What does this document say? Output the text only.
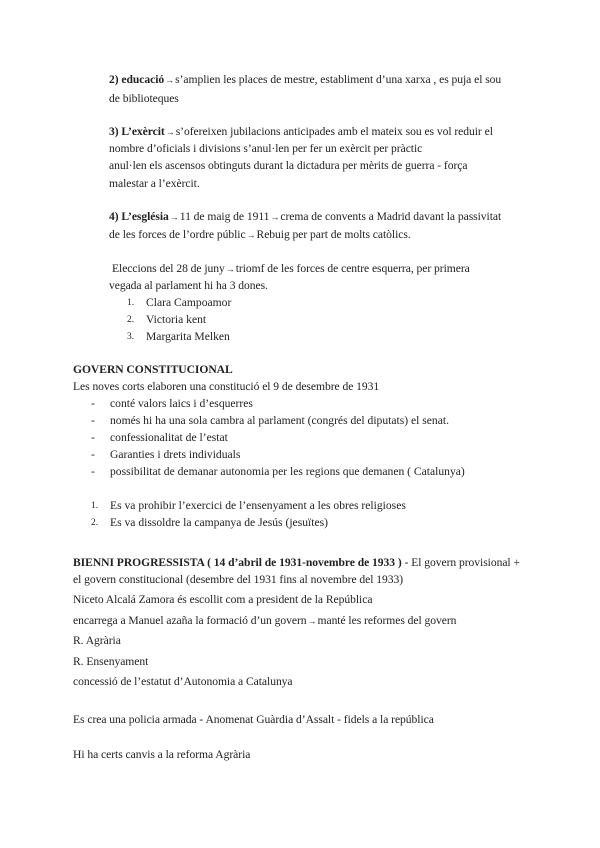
2) educació→s’amplien les places de mestre, establiment d’una xarxa , es puja el sou
de biblioteques
3) L’exèrcit→s’ofereixen jubilacions anticipades amb el mateix sou es vol reduir el
nombre d’oficials i divisions s’anul·len per fer un exèrcit per pràctic
anul·len els ascensos obtinguts durant la dictadura per mèrits de guerra - força
malestar a l’exèrcit.
4) L’església→11 de maig de 1911→crema de convents a Madrid davant la passivitat
de les forces de l’ordre públic→Rebuig per part de molts catòlics.
Eleccions del 28 de juny→triomf de les forces de centre esquerra, per primera
vegada al parlament hi ha 3 dones.
1. Clara Campoamor
2. Victoria kent
3. Margarita Melken
GOVERN CONSTITUCIONAL
Les noves corts elaboren una constitució el 9 de desembre de 1931
- conté valors laics i d’esquerres
- només hi ha una sola cambra al parlament (congrés del diputats) el senat.
- confessionalitat de l’estat
- Garanties i drets individuals
- possibilitat de demanar autonomia per les regions que demanen ( Catalunya)
1. Es va prohibir l’exercici de l’ensenyament a les obres religioses
2. Es va dissoldre la campanya de Jesús (jesuïtes)
BIENNI PROGRESSISTA ( 14 d’abril de 1931-novembre de 1933 ) - El govern provisional +
el govern constitucional (desembre del 1931 fins al novembre del 1933)
Niceto Alcalá Zamora és escollit com a president de la República
encarrega a Manuel azaña la formació d’un govern→manté les reformes del govern
R. Agrària
R. Ensenyament
concessió de l’estatut d’Autonomia a Catalunya
Es crea una policia armada - Anomenat Guàrdia d’Assalt - fidels a la república
Hi ha certs canvis a la reforma Agrària
